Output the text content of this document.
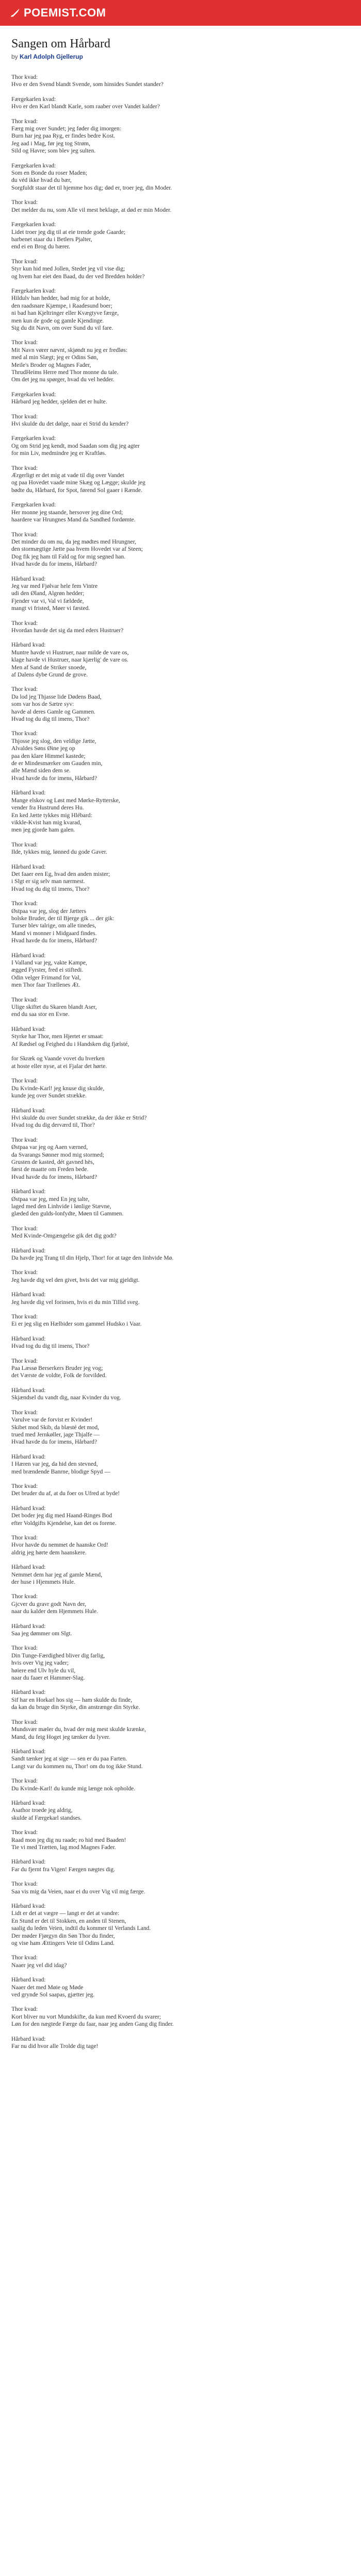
POEMIST.COM
Sangen om Hårbard
by Karl Adolph Gjellerup

Thor kvad:
Hvo er den Svend blandt Svende, som hinsides Sundet stander?

Færgekarlen kvad:
Hvo er den Karl blandt Karle, som raaber over Vandet kalder?

Thor kvad:
Færg mig over Sundet; jeg føder dig imorgen:
Burn har jeg paa Ryg, er findes bedre Kost.
Jeg aad i Mag, før jeg tog Strøm,
Sild og Havre; som blev jeg sulten.

Færgekarlen kvad:
Som en Bonde du roser Maden;
du véd ikke hvad du bær,
Sorgfuldt staar det til hjemme hos dig; død er, troer jeg, din Moder.

Thor kvad:
Det melder du nu, som Alle vil mest beklage, at død er min Moder.

Færgekarlen kvad:
Lidet troer jeg dig til at eie trende gode Gaarde;
barbenet staar du i Betlers Pjalter,
end ei en Brog du bærer.

Thor kvad:
Styr kun hid med Jollen, Stedet jeg vil vise dig;
og hvem har eiet den Baad, du der ved Bredden holder?

Færgekarlen kvad:
Hildulv han hedder, bad mig for at holde,
den raadsnare Kjæmpe, i Raadesund boer;
ni bad han Kjeltringer eller Kvægtyve færge,
men kun de gode og gamle Kjendinge.
Sig du dit Navn, om over Sund du vil fare.

Thor kvad:
Mit Navn vører nævnt, skjøndt nu jeg er fredløs:
med al min Slægt; jeg er Odins Søn,
Meile's Broder og Magnes Fader,
ThrudHeims Herre med Thor monne du tale.
Om det jeg nu spørger, hvad du vel hedder.

Færgekarlen kvad:
Hårbard jeg hedder, sjelden det er hulte.

Thor kvad:
Hvi skulde du det dølge, naar ei Strid du kender?

Færgekarlen kvad:
Og om Strid jeg kendt, mod Saadan som dig jeg agter
for min Liv, medmindre jeg er Kraftløs.

Thor kvad:
Ærgerligt er det mig at vade til dig over Vandet
og paa Hovedet vaade mine Skæg og Lægge; skulde jeg
bødte du, Hårbard, for Spot, førend Sol gaaer i Rænde.

Færgekarlen kvad:
Her monne jeg staande, hersover jeg dine Ord;
haardere var Hrungnes Mand da Sandhed fordømte.

Thor kvad:
Det minder du om nu, da jeg mødtes med Hrungner,
den stormægtige Jætte paa hvem Hovedet var af Steen;
Dog fik jeg ham til Fald og for mig segned han.
Hvad havde du for imens, Hårbard?

Hårbard kvad:
Jeg var med Fjølvar hele fem Vintre
udi den Øland, Algrøn hedder;
Fjender var vi, Val vi fældede,
mangt vi fristed, Møer vi fæsted.

Thor kvad:
Hvordan havde det sig da med eders Hustruer?

Hårbard kvad:
Muntre havde vi Hustruer, naar milde de vare os,
klage havde vi Hustruer, naar kjærlig' de vare os.
Men af Sand de Striker snoede,
af Dalens dybe Grund de grove.

Thor kvad:
Da lod jeg Thjasse lide Dødens Baad,
som var hos de Sætre syv:
havde al deres Gamle og Gammen.
Hvad tog du dig til imens, Thor?

Thor kvad:
Thjosse jeg slog, den veldige Jætte,
Alvaldes Søns Øine jeg op
paa den klare Himmel kastede;
de er Mindesmærker om Gauden min,
alle Mænd siden dem se.
Hvad havde du for imens, Hårbard?

Hårbard kvad:
Mange elskov og Løst med Mørke-Rytterske,
vender fra Hustrund deres Hu.
En ked Jætte tykkes mig Hlébard:
vikkle-Kvist han mig kvarad,
men jeg gjorde ham galen.

Thor kvad:
Ilde, tykkes mig, lønned du gode Gaver.

Hårbard kvad:
Det faaer een Eg, hvad den anden mister;
i Slgt er sig selv man nærmest.
Hvad tog du dig til imens, Thor?

Thor kvad:
Østpaa var jeg, slog der Jætters
bolske Bruder, der til Bjerge gik ... der gik:
Turser blev talrige, om alle tinedes,
Mand vi monner i Midgaard findes.
Hvad havde du for imens, Hårbard?

Hårbard kvad:
I Valland var jeg, vakte Kampe,
ægged Fyrster, fred ei stiftedi.
Odin velger Frimand for Val,
men Thor faar Trællenes Æt.

Thor kvad:
Ulige skiftet du Skaren blandt Aser,
end du saa stor en Evne.

Hårbard kvad:
Styrke har Thor, men Hjertet er smaat:
Af Rædsel og Feighed du i Handsken dig fjælsté,

for Skræk og Vaande vovet du hverken
at hoste eller nyse, at ei Fjalar det hørte.

Thor kvad:
Du Kvinde-Karl! jeg knuse dig skulde,
kunde jeg over Sundet strække.

Hårbard kvad:
Hvi skulde du over Sundet strække, da der ikke er Strid?
Hvad tog du dig derværd til, Thor?

Thor kvad:
Østpaa var jeg og Aaen værned,
da Svarangs Sønner mod mig stormed;
Grusten de kasted, dét gavned hës,
først de maatte om Freden bede.
Hvad havde du for imens, Hårbard?

Hårbard kvad:
Østpaa var jeg, med En jeg talte,
laged med den Linhvide i lønlige Stævne,
glæded den gulds-lonfydte, Møen til Gammen.

Thor kvad:
Med Kvinde-Omgængelse gik det dig godt?

Hårbard kvad:
Da havde jeg Trang til din Hjelp, Thor! for at tage den linhvide Mø.

Thor kvad:
Jeg havde dig vel den givet, hvis det var mig gjeldigt.

Hårbard kvad:
Jeg havde dig vel forinsen, hvis ei du min Tillid sveg.

Thor kvad:
Ei er jeg slig en Hælbider som gammel Hudsko i Vaar.

Hårbard kvad:
Hvad tog du dig til imens, Thor?

Thor kvad:
Paa Læssø Berserkers Bruder jeg vog;
det Værste de voldte, Folk de forvilded.

Hårbard kvad:
Skjændsel du vandt dig, naar Kvinder du vog.

Thor kvad:
Varulve var de forvist er Kvinder!
Skibet mod Skib, da blæsté det mod,
trued med Jernkøller, jage Thjalfe —
Hvad havde du for imens, Hårbard?

Hårbard kvad:
I Hæren var jeg, da hid den stevned,
med brændende Banrne, blodige Spyd —

Thor kvad:
Det bruder du af, at du foer os Ufred at byde!

Hårbard kvad:
Det boder jeg dig med Haand-Ringes Bod
efter Voldgifts Kjendelse, kan det os forene.

Thor kvad:
Hvor havde du nemmet de haanske Ord!
aldrig jeg hørte dem haanskere.

Hårbard kvad:
Nemmet dem har jeg af gamle Mænd,
der huse i Hjemmets Hule.

Thor kvad:
Gjcver du gravr godt Navn der,
naar du kalder dem Hjemmets Hule.

Hårbard kvad:
Saa jeg dømmer om Slgt.

Thor kvad:
Din Tunge-Færdighed bliver dig farlig,
hvis over Vig jeg vader;
høiere end Ulv hyle du vil,
naar du faaer et Hammer-Slag.

Hårbard kvad:
Sif har en Horkarl hos sig — ham skulde du finde,
da kan du bruge din Styrke, din anstrænge din Styrke.

Thor kvad:
Mundsvær mæler du, hvad der mig mest skulde krænke,
Mand, du feig Hoget jeg tænker du lyver.

Hårbard kvad:
Sandt tænker jeg at sige — sen er du paa Farten.
Langt var du kommen nu, Thor! om du tog ikke Stund.

Thor kvad:
Du Kvinde-Karl! du kunde mig længe nok opholde.

Hårbard kvad:
Asathor troede jeg aldrig,
skulde af Færgekarl standses.

Thor kvad:
Raad mon jeg dig nu raade; ro hid med Baaden!
Tie vi med Trætten, lag mod Magnes Fader.

Hårbard kvad:
Far du fjernt fra Vigen! Færgen nægtes dig.

Thor kvad:
Saa vis mig da Veien, naar ei du over Vig vil mig færge.

Hårbard kvad:
Lidt er det at vægre — langt er det at vandre:
En Stund er det til Stokken, en anden til Stenen,
saalig du leden Veien, indtil du kommer til Verlands Land.
Der møder Fjørgyn din Søn Thor du finder,
og vise ham Ættingers Veie til Odins Land.

Thor kvad:
Naaer jeg vel did idag?

Hårbard kvad:
Naaer det med Møie og Møde
ved grynde Sol saapas, gjætter jeg.

Thor kvad:
Kort bliver nu vort Mundskifte, da kun med Kvoerd du svarer;
Løn for den nægtede Færge du faar, naar jeg anden Gang dig finder.

Hårbard kvad:
Far nu did hvor alle Trolde dig tage!
